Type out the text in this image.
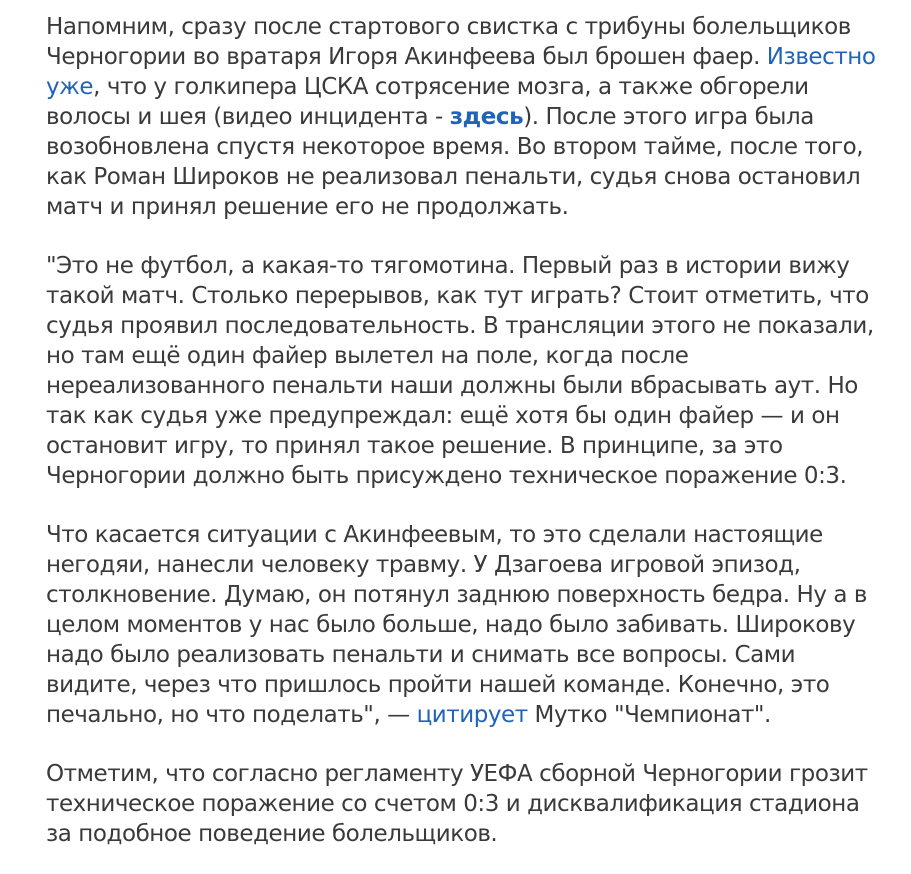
Напомним, сразу после стартового свистка с трибуны болельщиков Черногории во вратаря Игоря Акинфеева был брошен фаер. Известно уже, что у голкипера ЦСКА сотрясение мозга, а также обгорели волосы и шея (видео инцидента - здесь). После этого игра была возобновлена спустя некоторое время. Во втором тайме, после того, как Роман Широков не реализовал пенальти, судья снова остановил матч и принял решение его не продолжать.

"Это не футбол, а какая-то тягомотина. Первый раз в истории вижу такой матч. Столько перерывов, как тут играть? Стоит отметить, что судья проявил последовательность. В трансляции этого не показали, но там ещё один файер вылетел на поле, когда после нереализованного пенальти наши должны были вбрасывать аут. Но так как судья уже предупреждал: ещё хотя бы один файер — и он остановит игру, то принял такое решение. В принципе, за это Черногории должно быть присуждено техническое поражение 0:3.

Что касается ситуации с Акинфеевым, то это сделали настоящие негодяи, нанесли человеку травму. У Дзагоева игровой эпизод, столкновение. Думаю, он потянул заднюю поверхность бедра. Ну а в целом моментов у нас было больше, надо было забивать. Широкову надо было реализовать пенальти и снимать все вопросы. Сами видите, через что пришлось пройти нашей команде. Конечно, это печально, но что поделать", — цитирует Мутко "Чемпионат".

Отметим, что согласно регламенту УЕФА сборной Черногории грозит техническое поражение со счетом 0:3 и дисквалификация стадиона за подобное поведение болельщиков.
